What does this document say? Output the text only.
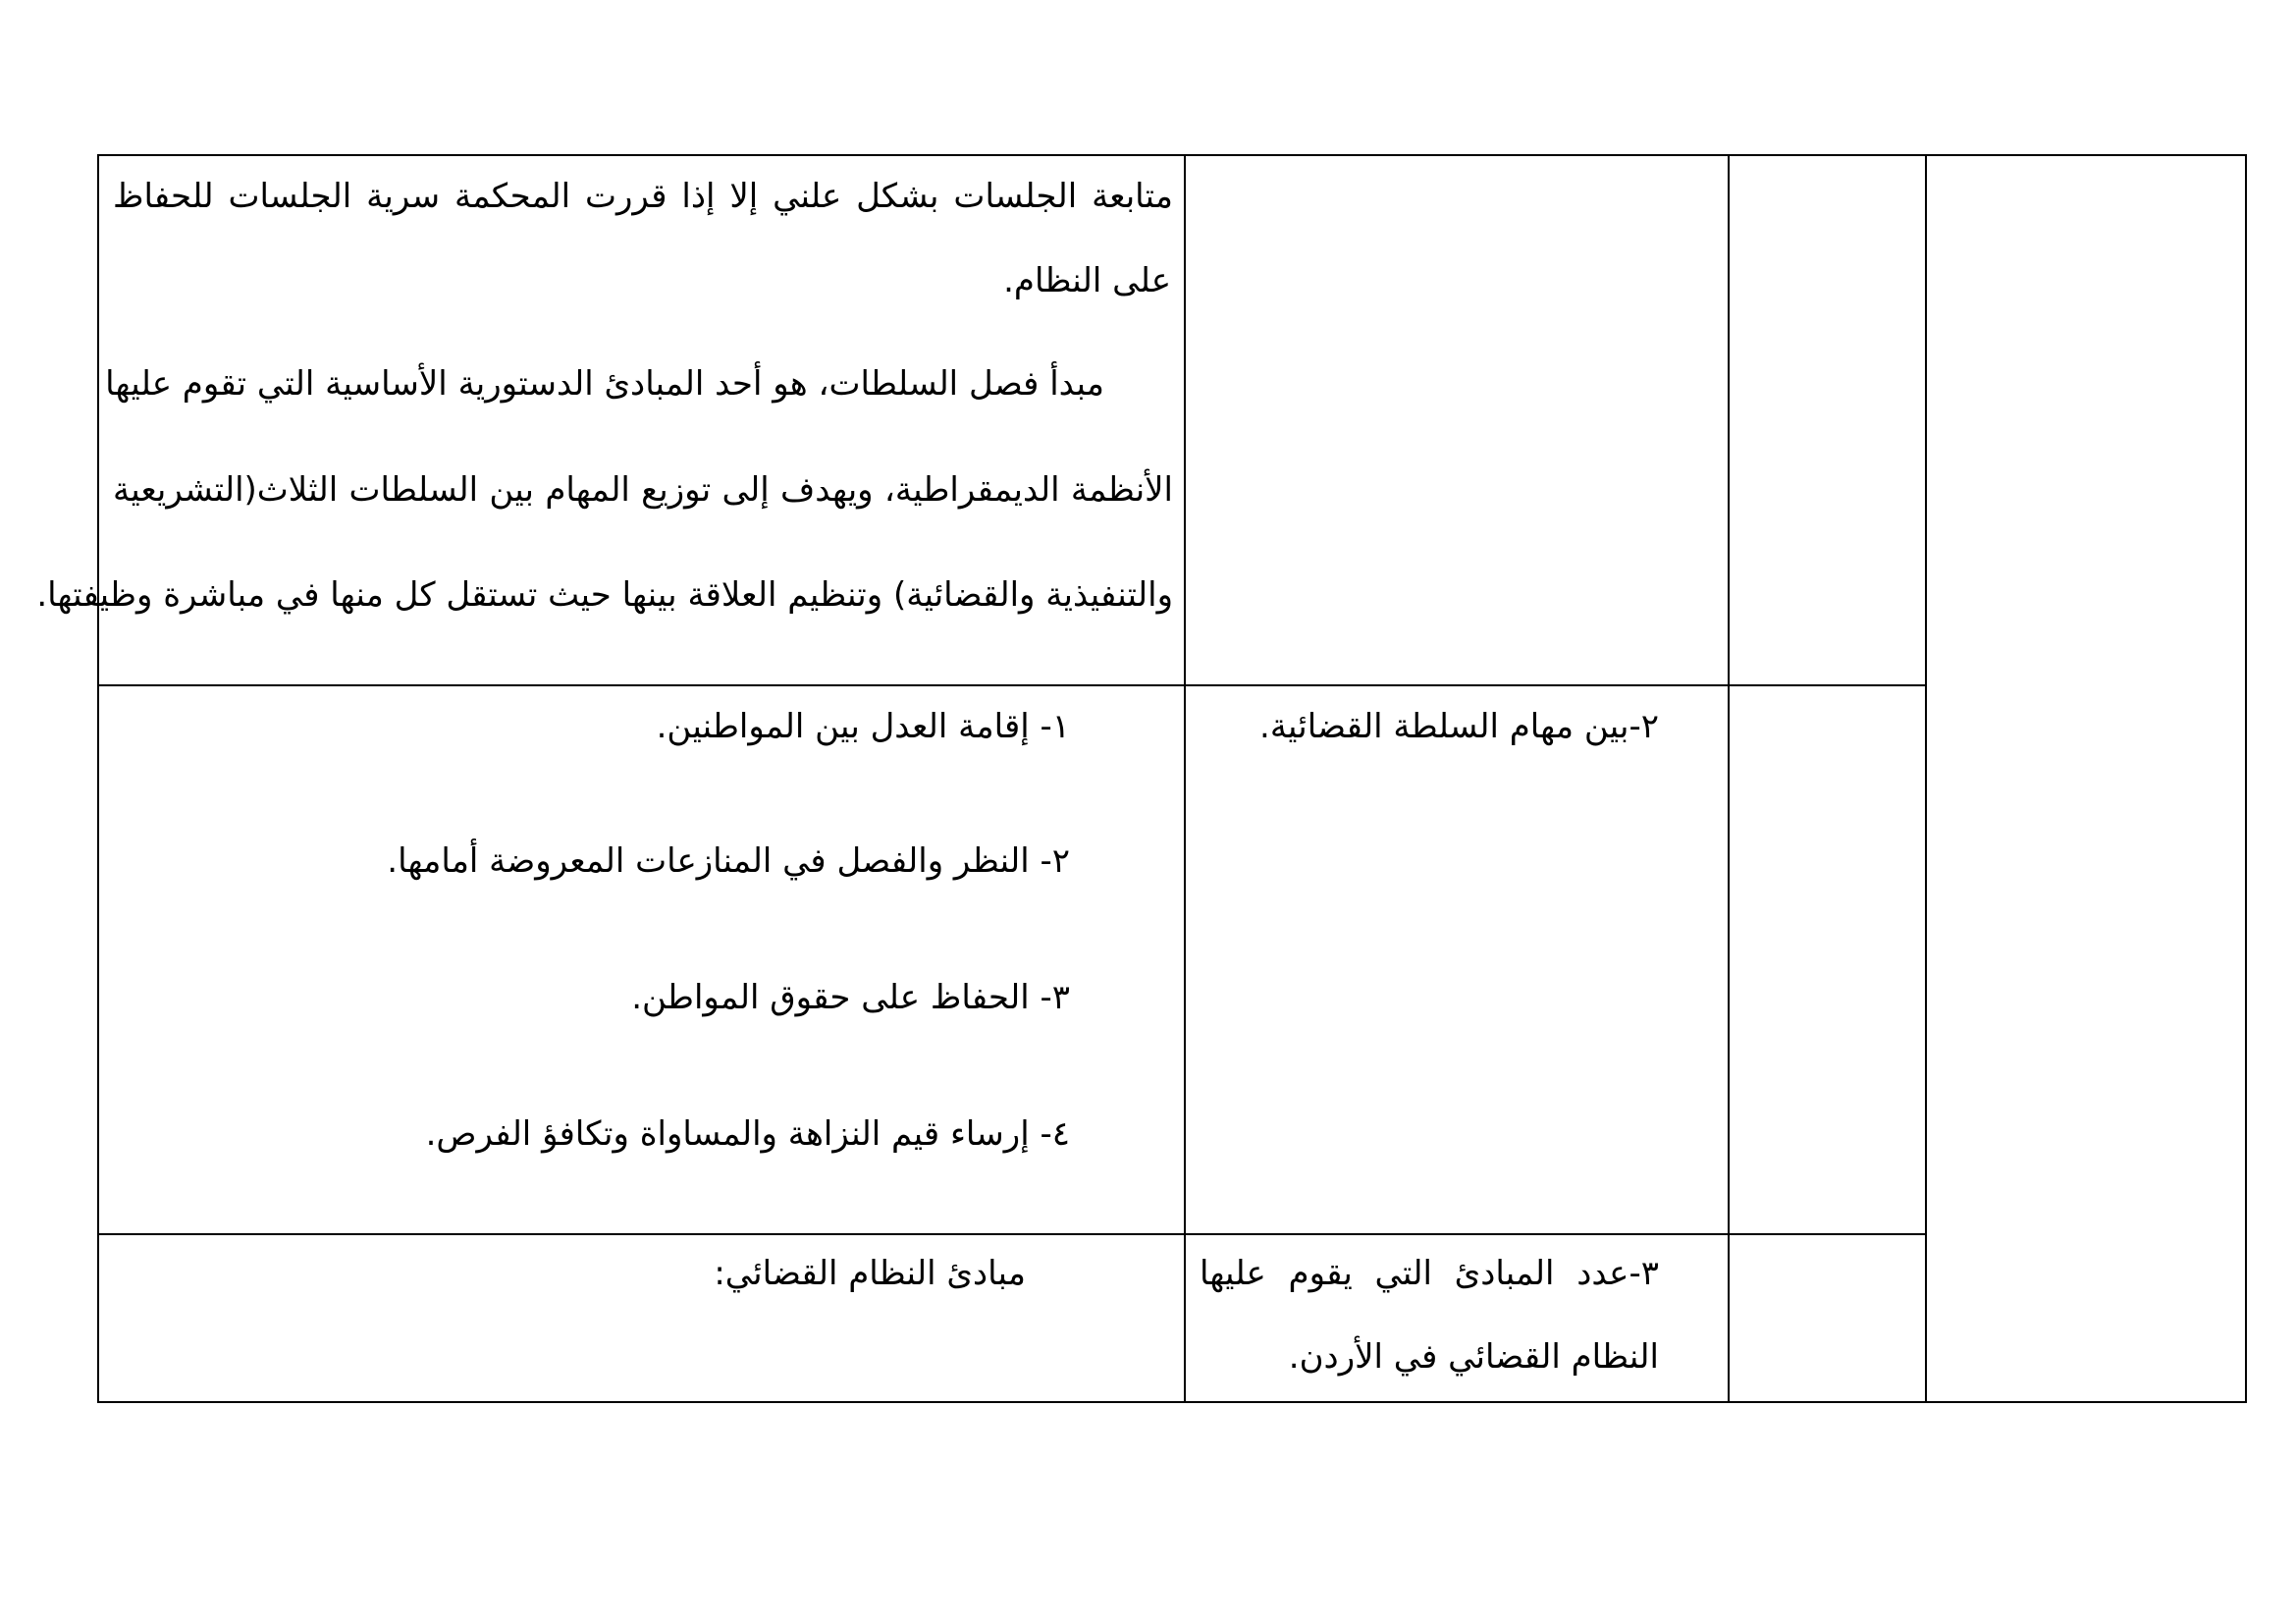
متابعة الجلسات بشكل علني إلا إذا قررت المحكمة سرية الجلسات للحفاظ
على النظام.
مبدأ فصل السلطات، هو أحد المبادئ الدستورية الأساسية التي تقوم عليها
الأنظمة الديمقراطية، ويهدف إلى توزيع المهام بين السلطات الثلاث(التشريعية
والتنفيذية والقضائية) وتنظيم العلاقة بينها حيث تستقل كل منها في مباشرة وظيفتها.
٢-بين مهام السلطة القضائية.
١- إقامة العدل بين المواطنين.
٢- النظر والفصل في المنازعات المعروضة أمامها.
٣- الحفاظ على حقوق المواطن.
٤- إرساء قيم النزاهة والمساواة وتكافؤ الفرص.
٣-عدد المبادئ التي يقوم عليها
النظام القضائي في الأردن.
مبادئ النظام القضائي:
